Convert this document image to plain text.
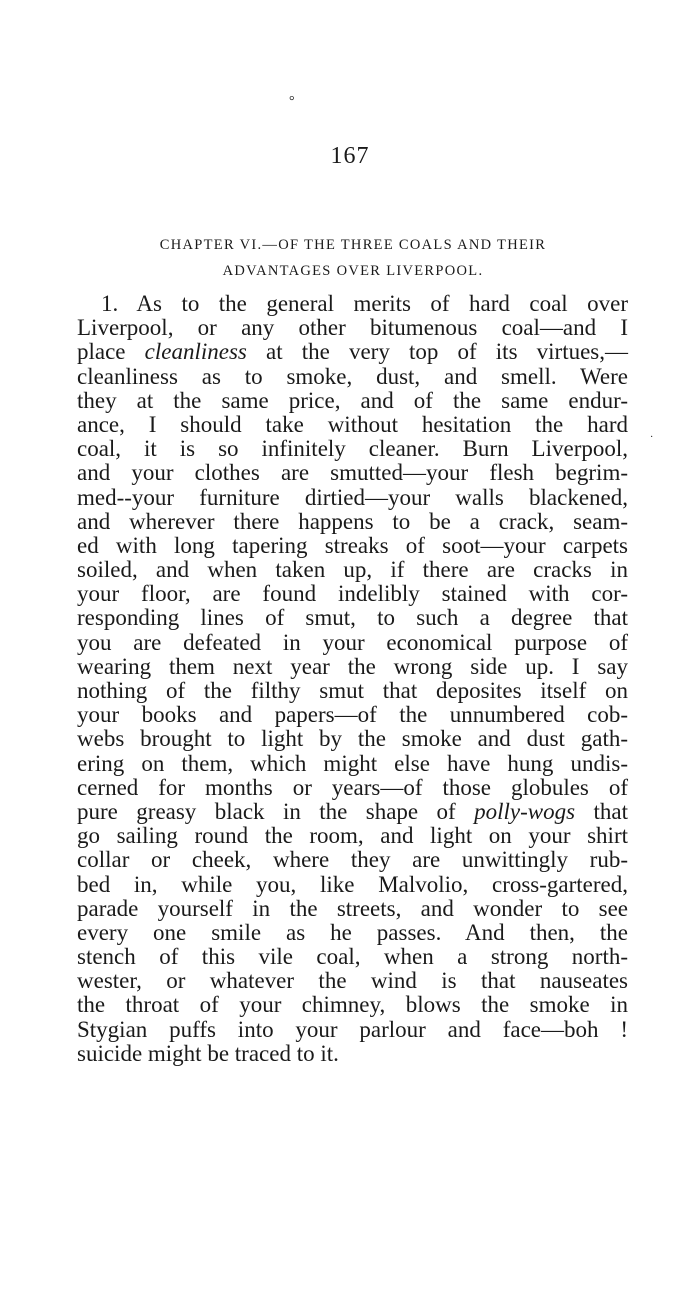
°
·
167
CHAPTER VI.—OF THE THREE COALS AND THEIR
ADVANTAGES OVER LIVERPOOL.
1. As to the general merits of hard coal over
Liverpool, or any other bitumenous coal—and I
place cleanliness at the very top of its virtues,—
cleanliness as to smoke, dust, and smell. Were
they at the same price, and of the same endur-
ance, I should take without hesitation the hard
coal, it is so infinitely cleaner. Burn Liverpool,
and your clothes are smutted—your flesh begrim-
med--your furniture dirtied—your walls blackened,
and wherever there happens to be a crack, seam-
ed with long tapering streaks of soot—your carpets
soiled, and when taken up, if there are cracks in
your floor, are found indelibly stained with cor-
responding lines of smut, to such a degree that
you are defeated in your economical purpose of
wearing them next year the wrong side up. I say
nothing of the filthy smut that deposites itself on
your books and papers—of the unnumbered cob-
webs brought to light by the smoke and dust gath-
ering on them, which might else have hung undis-
cerned for months or years—of those globules of
pure greasy black in the shape of polly-wogs that
go sailing round the room, and light on your shirt
collar or cheek, where they are unwittingly rub-
bed in, while you, like Malvolio, cross-gartered,
parade yourself in the streets, and wonder to see
every one smile as he passes. And then, the
stench of this vile coal, when a strong north-
wester, or whatever the wind is that nauseates
the throat of your chimney, blows the smoke in
Stygian puffs into your parlour and face—boh !
suicide might be traced to it.
